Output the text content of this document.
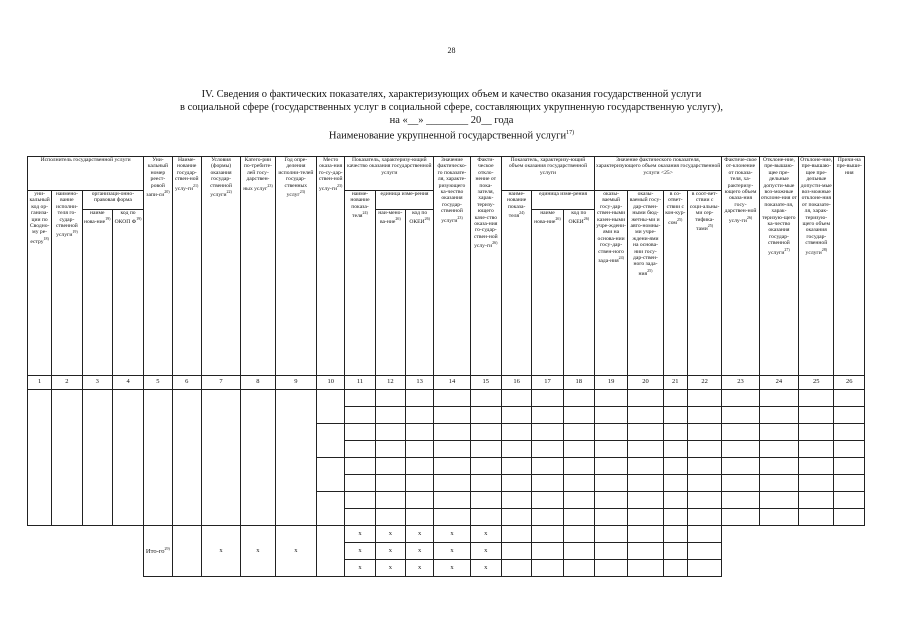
28
IV. Сведения о фактических показателях, характеризующих объем и качество оказания государственной услуги
в социальной сфере (государственных услуг в социальной сфере, составляющих укрупненную государственную услугу),
на «__» ________ 20__ года
Наименование укрупненной государственной услуги$^{17)}$
Исполнитель государственной услуги				Уни-кальный номер реест-ровой запи-$си^{20)}$	Наиме-нование государ-ствен-ной услу-$ги^{21)}$	Условия (формы) оказания государ-ственной услуги$^{22)}$	Катего-рии по-требите-лей госу-дарствен-ных услуг$^{23)}$	Год опре-деления исполни-телей государ-ственных услуг$^{23)}$	Место оказа-ния го-су-дар-ствен-ной услу-$ги^{23)}$	Показатель, характеризу-ющий качество оказания государственной услуги			Значение фактическо-го показате-ля, характе-ризующего ка-чество оказания государ-ственной услуги$^{23)}$	Факти-ческое откло-нение от пока-зателя, харак-теризу-ющего каче-ство оказа-ния го-судар-ствен-ной услу-$ги^{26)}$	Показатель, характеризу-ющий объем оказания государственной услуги			Значение фактического показателя, характеризующего объем оказания государственной услуги <25>				Фактиче-ское от-клонение от показа-теля, ха-рактеризу-ющего объем оказа-ния госу-дарствен-ной услу-$ги^{26)}$	Отклоне-ние, пре-вышаю-щее пре-дельные допусти-мые воз-можные отклоне-ния от показате-ля, харак-теризую-щего ка-чество оказания государ-ственной услуги$^{27)}$	Отклоне-ние, пре-вышаю-щее пре-дельные допусти-мые воз-можные отклоне-ния от показате-ля, харак-теризую-щего объем оказания государ-ственной услуги$^{28)}$	Причи-на пре-выше-ния
уни-кальный код ор-ганиза-ции по Сводно-му ре-естру$^{18)}$	наимено-вание исполни-теля го-судар-ственной услуги$^{19)}$	организаци-онно-правовая форма								наиме-нование показа-теля$^{24)}$	единица изме-рения				наиме-нование показа-теля$^{24)}$	единица изме-рения		оказы-ваемый госу-дар-ствен-ными казен-ными учре-ждени-ями на основа-нии госу-дар-ствен-ного зада-ния$^{24)}$	оказы-ваемый госу-дар-ствен-ными бюд-жетны-ми и авто-номны-ми учре-ждени-ями на основа-нии госу-дар-ствен-ного зада-ния$^{25)}$	в со-ответ-ствии с кон-кур-сом$^{25)}$	в соот-вет-ствии с соци-альны-ми сер-тифика-тами$^{25)}$
		наиме нова-ние$^{19)}$	код по ОКОП $Ф^{19)}$								наи-мено-ва-ние$^{26)}$	код по ОКЕИ$^{26)}$				наиме нова-ние$^{26)}$	код по ОКЕИ$^{26)}$
1	2	3	4	5	6	7	8	9	10	11	12	13	14	15	16	17	18	19	20	21	22	23	24	25	26

				Ито-$го^{29)}$		x	x	x		x	x	x	x	x											
										x	x	x	x	x											
										x	x	x	x	x											
